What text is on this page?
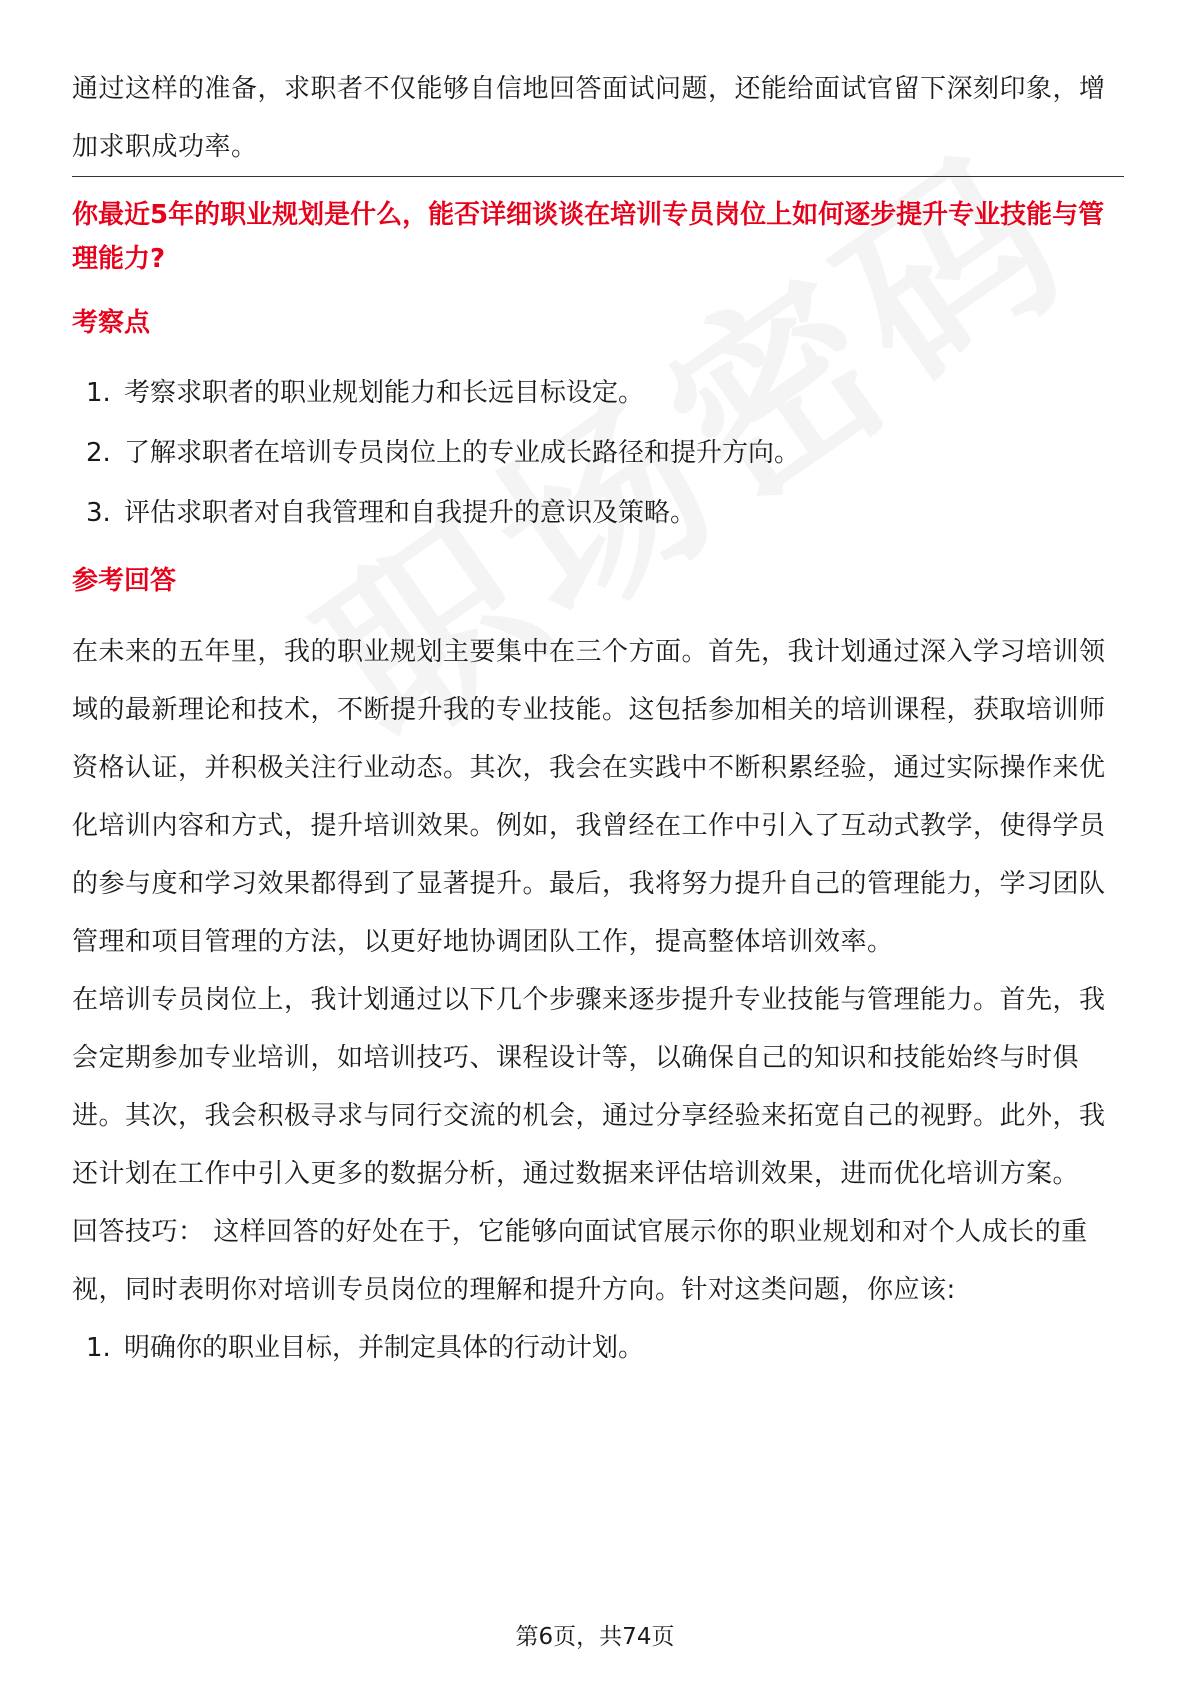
通过这样的准备，求职者不仅能够自信地回答面试问题，还能给面试官留下深刻印象，增加求职成功率。

你最近5年的职业规划是什么，能否详细谈谈在培训专员岗位上如何逐步提升专业技能与管理能力?

考察点
1. 考察求职者的职业规划能力和长远目标设定。
2. 了解求职者在培训专员岗位上的专业成长路径和提升方向。
3. 评估求职者对自我管理和自我提升的意识及策略。
参考回答

在未来的五年里，我的职业规划主要集中在三个方面。首先，我计划通过深入学习培训领域的最新理论和技术，不断提升我的专业技能。这包括参加相关的培训课程，获取培训师资格认证，并积极关注行业动态。其次，我会在实践中不断积累经验，通过实际操作来优化培训内容和方式，提升培训效果。例如，我曾经在工作中引入了互动式教学，使得学员的参与度和学习效果都得到了显著提升。最后，我将努力提升自己的管理能力，学习团队管理和项目管理的方法，以更好地协调团队工作，提高整体培训效率。

在培训专员岗位上，我计划通过以下几个步骤来逐步提升专业技能与管理能力。首先，我会定期参加专业培训，如培训技巧、课程设计等，以确保自己的知识和技能始终与时俱进。其次，我会积极寻求与同行交流的机会，通过分享经验来拓宽自己的视野。此外，我还计划在工作中引入更多的数据分析，通过数据来评估培训效果，进而优化培训方案。

回答技巧： 这样回答的好处在于，它能够向面试官展示你的职业规划和对个人成长的重视，同时表明你对培训专员岗位的理解和提升方向。针对这类问题，你应该:

1. 明确你的职业目标，并制定具体的行动计划。
第6页，共74页
